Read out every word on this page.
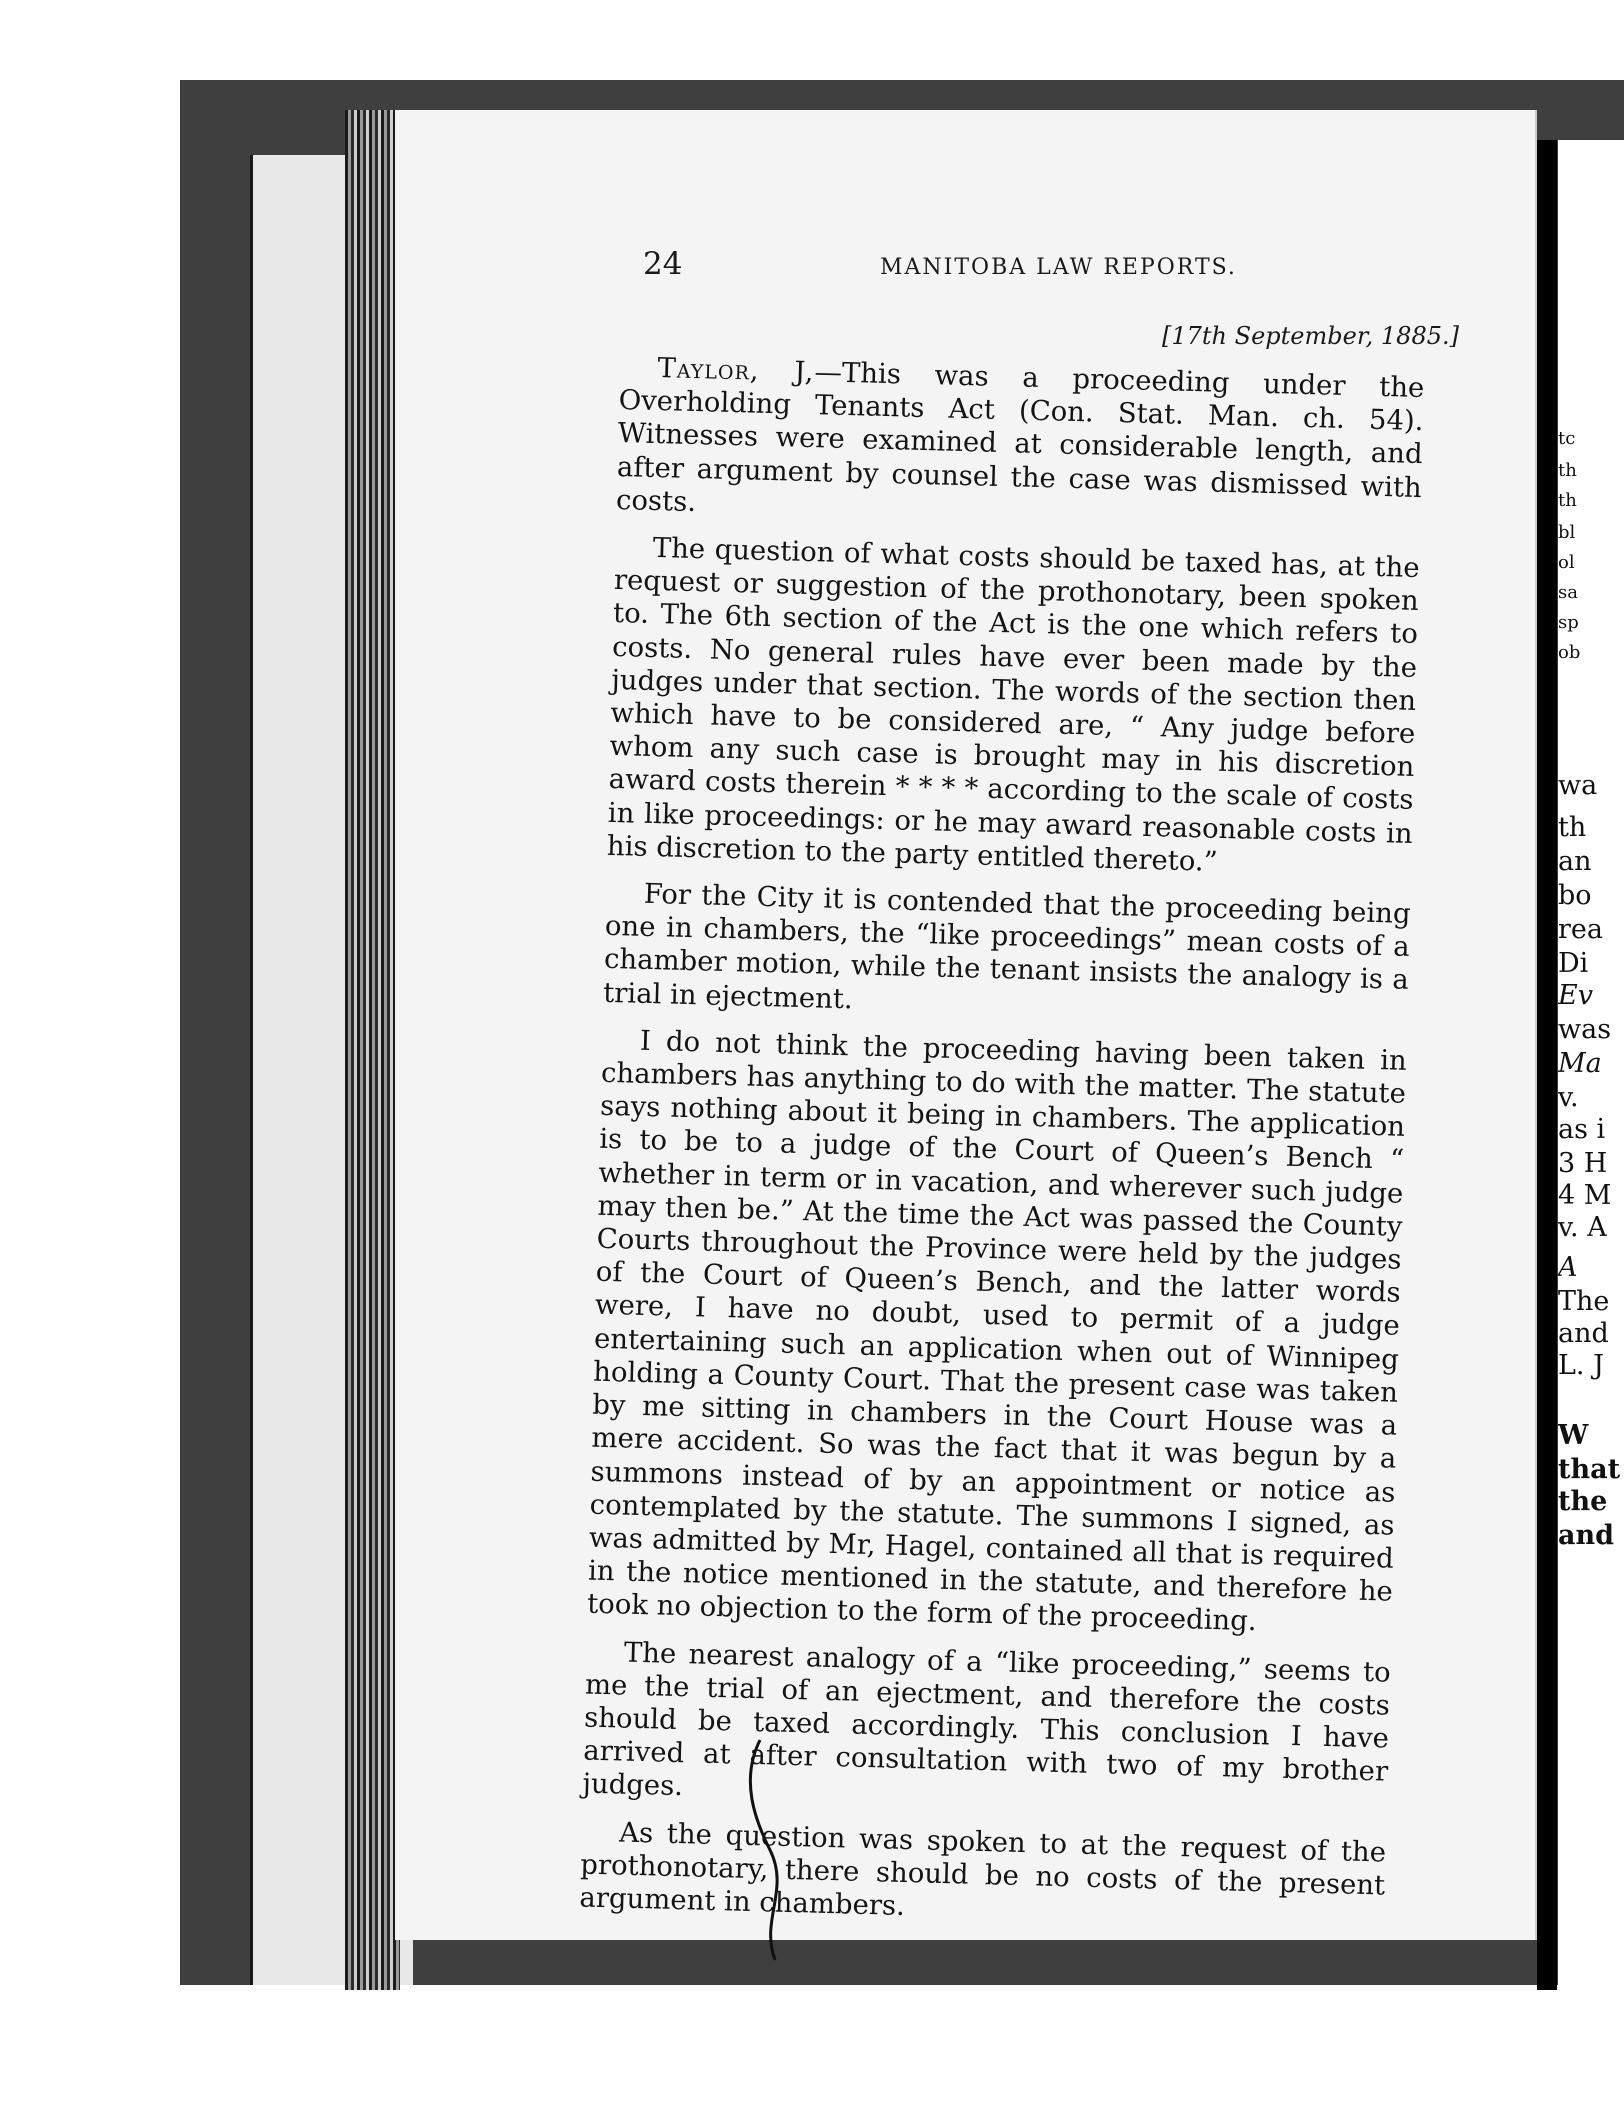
tc
th
th
bl
ol
sa
sp
ob
wa
th
an
bo
rea
Di
Ev
was
Ma
v.
as i
3 H
4 M
v. A
A
The
and
L. J
W
that
the
and
24	MANITOBA LAW REPORTS.
[17th September, 1885.]

Taylor, J,—This was a proceeding under the Overholding Tenants Act (Con. Stat. Man. ch. 54). Witnesses were examined at considerable length, and after argument by counsel the case was dismissed with costs.

The question of what costs should be taxed has, at the request or suggestion of the prothonotary, been spoken to. The 6th section of the Act is the one which refers to costs. No general rules have ever been made by the judges under that section. The words of the section then which have to be considered are, “ Any judge before whom any such case is brought may in his discretion award costs therein * * * * according to the scale of costs in like proceedings: or he may award reasonable costs in his discretion to the party entitled thereto.”

For the City it is contended that the proceeding being one in chambers, the “like proceedings” mean costs of a chamber motion, while the tenant insists the analogy is a trial in ejectment.

I do not think the proceeding having been taken in chambers has anything to do with the matter. The statute says nothing about it being in chambers. The application is to be to a judge of the Court of Queen’s Bench “ whether in term or in vacation, and wherever such judge may then be.” At the time the Act was passed the County Courts throughout the Province were held by the judges of the Court of Queen’s Bench, and the latter words were, I have no doubt, used to permit of a judge entertaining such an application when out of Winnipeg holding a County Court. That the present case was taken by me sitting in chambers in the Court House was a mere accident. So was the fact that it was begun by a summons instead of by an appointment or notice as contemplated by the statute. The summons I signed, as was admitted by Mr, Hagel, contained all that is required in the notice mentioned in the statute, and therefore he took no objection to the form of the proceeding.

The nearest analogy of a “like proceeding,” seems to me the trial of an ejectment, and therefore the costs should be taxed accordingly. This conclusion I have arrived at after consultation with two of my brother judges.

As the question was spoken to at the request of the prothonotary, there should be no costs of the present argument in chambers.
